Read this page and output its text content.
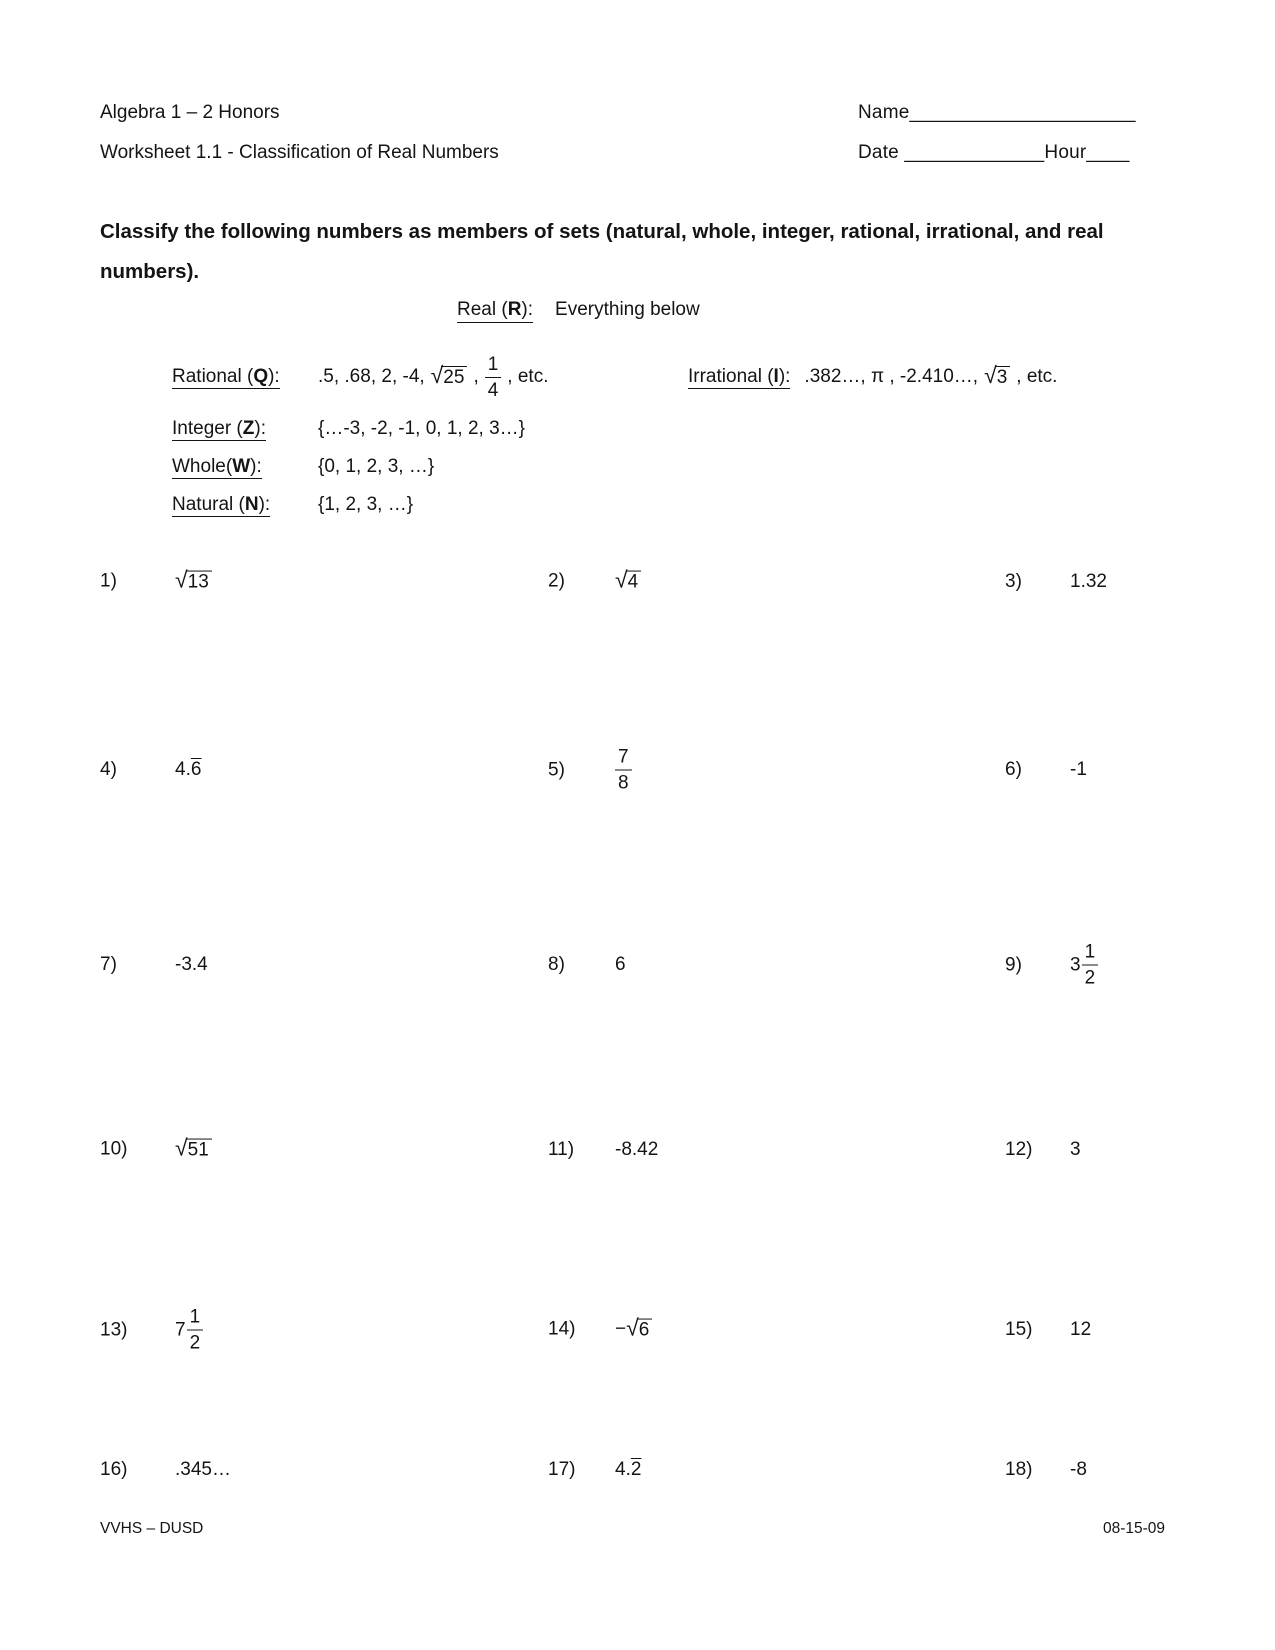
Algebra 1 – 2 Honors
Worksheet 1.1 - Classification of Real Numbers
Name_____________________
Date _____________Hour____

Classify the following numbers as members of sets (natural, whole, integer, rational, irrational, and real numbers).

Real (R): Everything below
Rational (Q):	.5, .68, 2, -4, √ 25 , $\frac{1}{4}$ , etc.	Irrational (I): .382…, π , -2.410…, √ 3 , etc.
Integer (Z):	{…-3, -2, -1, 0, 1, 2, 3…}
Whole(W):	{0, 1, 2, 3, …}
Natural (N):	{1, 2, 3, …}
1)	√ 13	2)	√ 4	3)	1.32
4)	4.6	5)	$\frac{7}{8}$	6)	-1
7)	-3.4	8)	6	9)	$3 \frac{1}{2}$
10)	√ 51	11)	-8.42	12)	3
13)	$7 \frac{1}{2}$	14)	− √ 6	15)	12
16)	.345…	17)	4.2	18)	-8
VVHS – DUSD	08-15-09
